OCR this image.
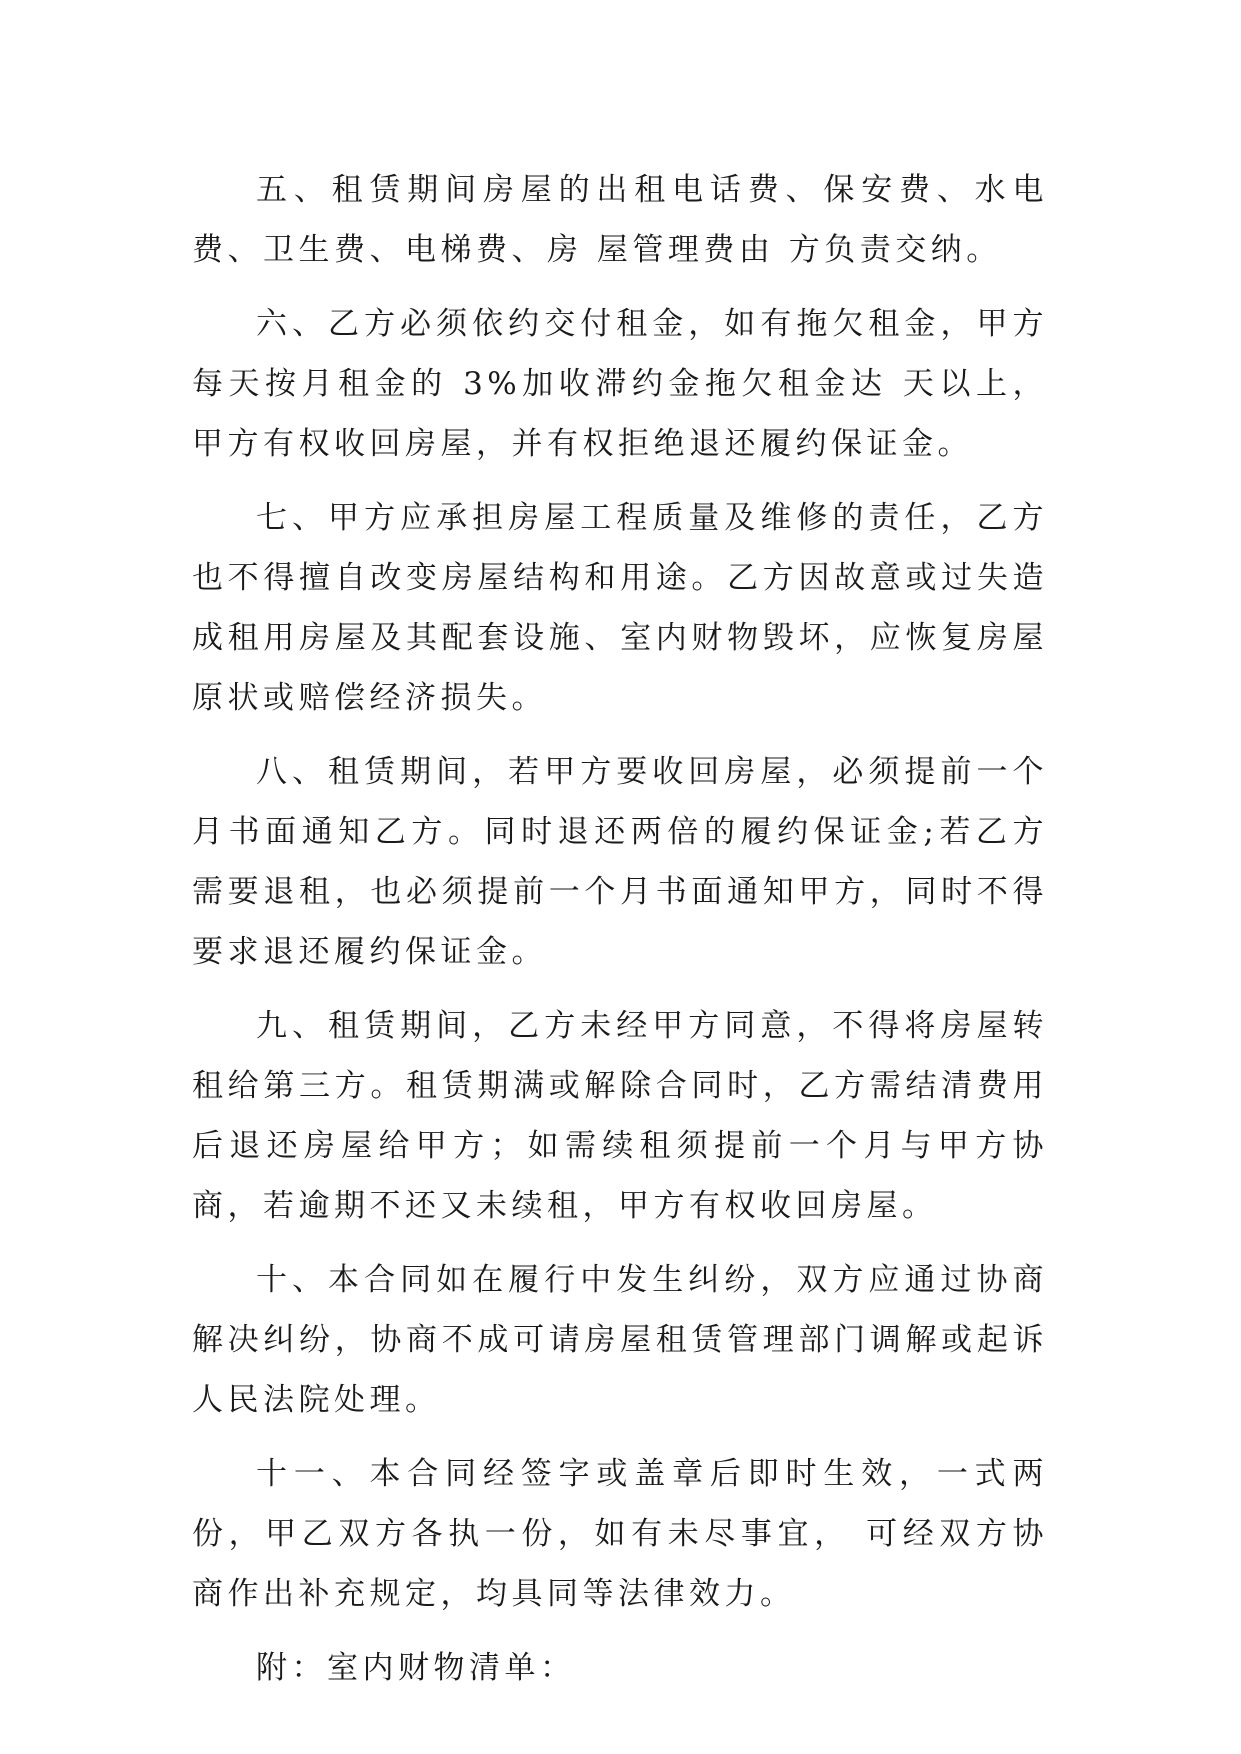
五、租赁期间房屋的出租电话费、保安费、水电费、卫生费、电梯费、房 屋管理费由 方负责交纳。

六、乙方必须依约交付租金，如有拖欠租金，甲方每天按月租金的 3%加收滞约金拖欠租金达 天以上，甲方有权收回房屋，并有权拒绝退还履约保证金。

七、甲方应承担房屋工程质量及维修的责任，乙方也不得擅自改变房屋结构和用途。乙方因故意或过失造成租用房屋及其配套设施、室内财物毁坏，应恢复房屋原状或赔偿经济损失。

八、租赁期间，若甲方要收回房屋，必须提前一个月书面通知乙方。同时退还两倍的履约保证金;若乙方需要退租，也必须提前一个月书面通知甲方，同时不得要求退还履约保证金。

九、租赁期间，乙方未经甲方同意，不得将房屋转租给第三方。租赁期满或解除合同时，乙方需结清费用后退还房屋给甲方；如需续租须提前一个月与甲方协商，若逾期不还又未续租，甲方有权收回房屋。

十、本合同如在履行中发生纠纷，双方应通过协商解决纠纷，协商不成可请房屋租赁管理部门调解或起诉人民法院处理。

十一、本合同经签字或盖章后即时生效，一式两份，甲乙双方各执一份，如有未尽事宜， 可经双方协商作出补充规定，均具同等法律效力。

附：室内财物清单：
